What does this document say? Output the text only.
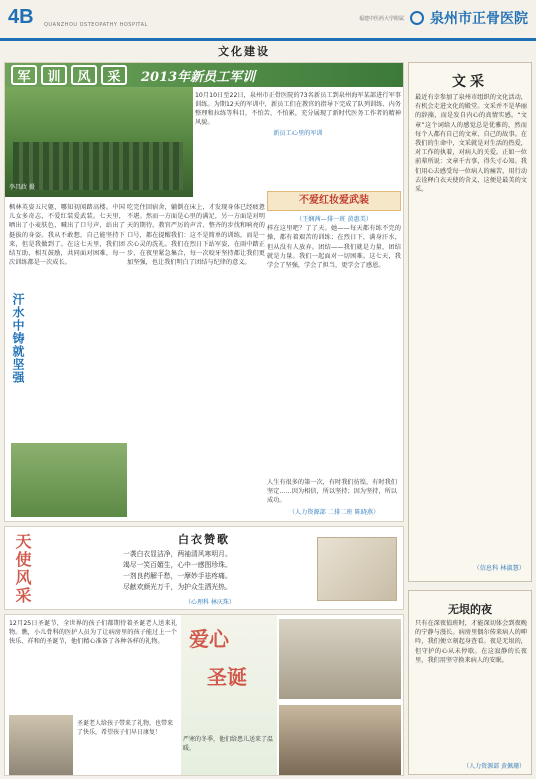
4B QUANZHOU OSTEOPATHY HOSPITAL
福建中医药大学附属 泉州市正骨医院
文化建设
军	训	风	采	2013年新员工军训
李昌政 摄
10月10日至22日，泉州市正骨医院的73名新员工到泉州海军某部进行军事训练。为期12天的军训中，新员工们在教官的指导下完成了队列训练、内务整理和拉练等科目，不怕苦、不怕累，充分展现了新时代医务工作者的精神风貌。
新员工心里的军训
枫林英姿五尺躯，哪知初闻踏高楼。中国儿女多奇志，不爱红装爱武装。七天里，晒出了小麦肤色，喊出了口号声，站出了挺拔的身姿。我从不敢想，自己能坚持下来，但是我做到了。在这七天里，我们团结互助，相互鼓励，共同面对困难，每一次训练都是一次成长。
汗水中铸就坚强
吃完住回宿舍，躺倒在床上，才发现身体已经疲惫不堪。然而一方面是心里的满足，另一方面是对明天的期待。教官严厉的声音、整齐的步伐和响亮的口号，都在提醒我们：这不是简单的训练，而是一次心灵的洗礼。我们在烈日下站军姿，在雨中踏正步，在夜里紧急集合，每一次咬牙坚持都让我们更加坚强，也让我们明白了团结与纪律的意义。
不爱红妆爱武装
（王娴茜—排一班 黄惠美）
样在这里吧？了了天。她——每天都有练不完的操，都有着艰苦的训练；在烈日下，满身汗水，但从没有人放弃。团结——我们就是力量，团结就是力量。我们一起面对一切困难。这七天，我学会了坚强，学会了担当，更学会了感恩。
人生有很多的第一次，有时我们彷徨，有时我们坚定……因为相信，所以坚持；因为坚持，所以成功。
（人力资源部 二排二班 陈晓燕）
文采
最近有幸参加了泉州市组织的文化活动，有机会走进文化的殿堂。文采并不是华丽的辞藻，而是发自内心的真情实感。“文章”这个词给人的感觉总是优雅的，然而每个人都有自己的文章、自己的故事。在我们的生命中，文采就是对生活的热爱，对工作的执着，对病人的关爱。正如一位前辈所说：文章千古事，得失寸心知。我们用心去感受每一位病人的痛苦，用行动去诠释白衣天使的含义，这便是最美的文采。
（信息科 林淑慧）
无垠的夜
只有在深夜值班时，才能深切体会到夜晚的宁静与漫长。病房里偶尔传来病人的呻吟，我们便立刻起身查看。夜是无垠的，但守护的心从未停歇。在这寂静的长夜里，我们用坚守换来病人的安眠。
（人力资源部 黄佩珊）
天使风采	白衣赞歌
一袭白衣显洁净，两袖清风寒明月。
竭尽一笑百媚生，心中一感图珍珠。
一剂良药解千愁，一摩妙手祛疼痛。
尽献欢颜光万千，为护众生洒光热。
（心理科 林庆珠）
12月25日圣诞节，全世界的孩子们都期待着圣诞老人送来礼物。瞧，小儿骨科的医护人员为了让病房里的孩子能过上一个快乐、祥和的圣诞节，他们精心准备了各种各样的礼物。	爱心
圣诞
圣诞老人给孩子带来了礼物，也带来了快乐，希望孩子们早日康复！
严寒的冬季，他们给患儿送来了温暖。
